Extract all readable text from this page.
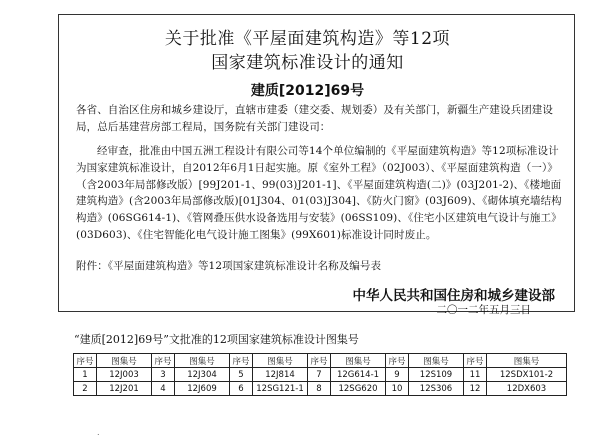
关于批准《平屋面建筑构造》等12项
国家建筑标准设计的通知
建质[2012]69号
各省、自治区住房和城乡建设厅，直辖市建委（建交委、规划委）及有关部门，新疆生产建设兵团建设局，总后基建营房部工程局，国务院有关部门建设司：
经审查，批准由中国五洲工程设计有限公司等14个单位编制的《平屋面建筑构造》等12项标准设计为国家建筑标准设计，自2012年6月1日起实施。原《室外工程》（02J003）、《平屋面建筑构造（一）》（含2003年局部修改版）[99J201-1、99(03)J201-1]、《平屋面建筑构造(二)》(03J201-2)、《楼地面建筑构造》(含2003年局部修改版)[01J304、01(03)J304]、《防火门窗》(03J609)、《砌体填充墙结构构造》(06SG614-1)、《管网叠压供水设备选用与安装》(06SS109)、《住宅小区建筑电气设计与施工》(03D603)、《住宅智能化电气设计施工图集》(99X601)标准设计同时废止。
附件：《平屋面建筑构造》等12项国家建筑标准设计名称及编号表
中华人民共和国住房和城乡建设部
二〇一二年五月三日
“建质[2012]69号”文批准的12项国家建筑标准设计图集号
序号	图集号	序号	图集号	序号	图集号	序号	图集号	序号	图集号	序号	图集号
1	12J003	3	12J304	5	12J814	7	12G614-1	9	12S109	11	12SDX101-2
2	12J201	4	12J609	6	12SG121-1	8	12SG620	10	12S306	12	12DX603
.
